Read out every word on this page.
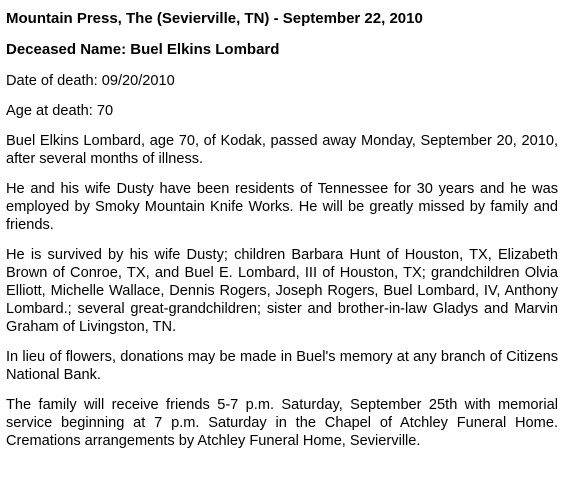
Mountain Press, The (Sevierville, TN) - September 22, 2010

Deceased Name: Buel Elkins Lombard

Date of death: 09/20/2010

Age at death: 70

Buel Elkins Lombard, age 70, of Kodak, passed away Monday, September 20, 2010, after several months of illness.

He and his wife Dusty have been residents of Tennessee for 30 years and he was employed by Smoky Mountain Knife Works. He will be greatly missed by family and friends.

He is survived by his wife Dusty; children Barbara Hunt of Houston, TX, Elizabeth Brown of Conroe, TX, and Buel E. Lombard, III of Houston, TX; grandchildren Olvia Elliott, Michelle Wallace, Dennis Rogers, Joseph Rogers, Buel Lombard, IV, Anthony Lombard.; several great-grandchildren; sister and brother-in-law Gladys and Marvin Graham of Livingston, TN.

In lieu of flowers, donations may be made in Buel's memory at any branch of Citizens National Bank.

The family will receive friends 5-7 p.m. Saturday, September 25th with memorial service beginning at 7 p.m. Saturday in the Chapel of Atchley Funeral Home. Cremations arrangements by Atchley Funeral Home, Sevierville.
